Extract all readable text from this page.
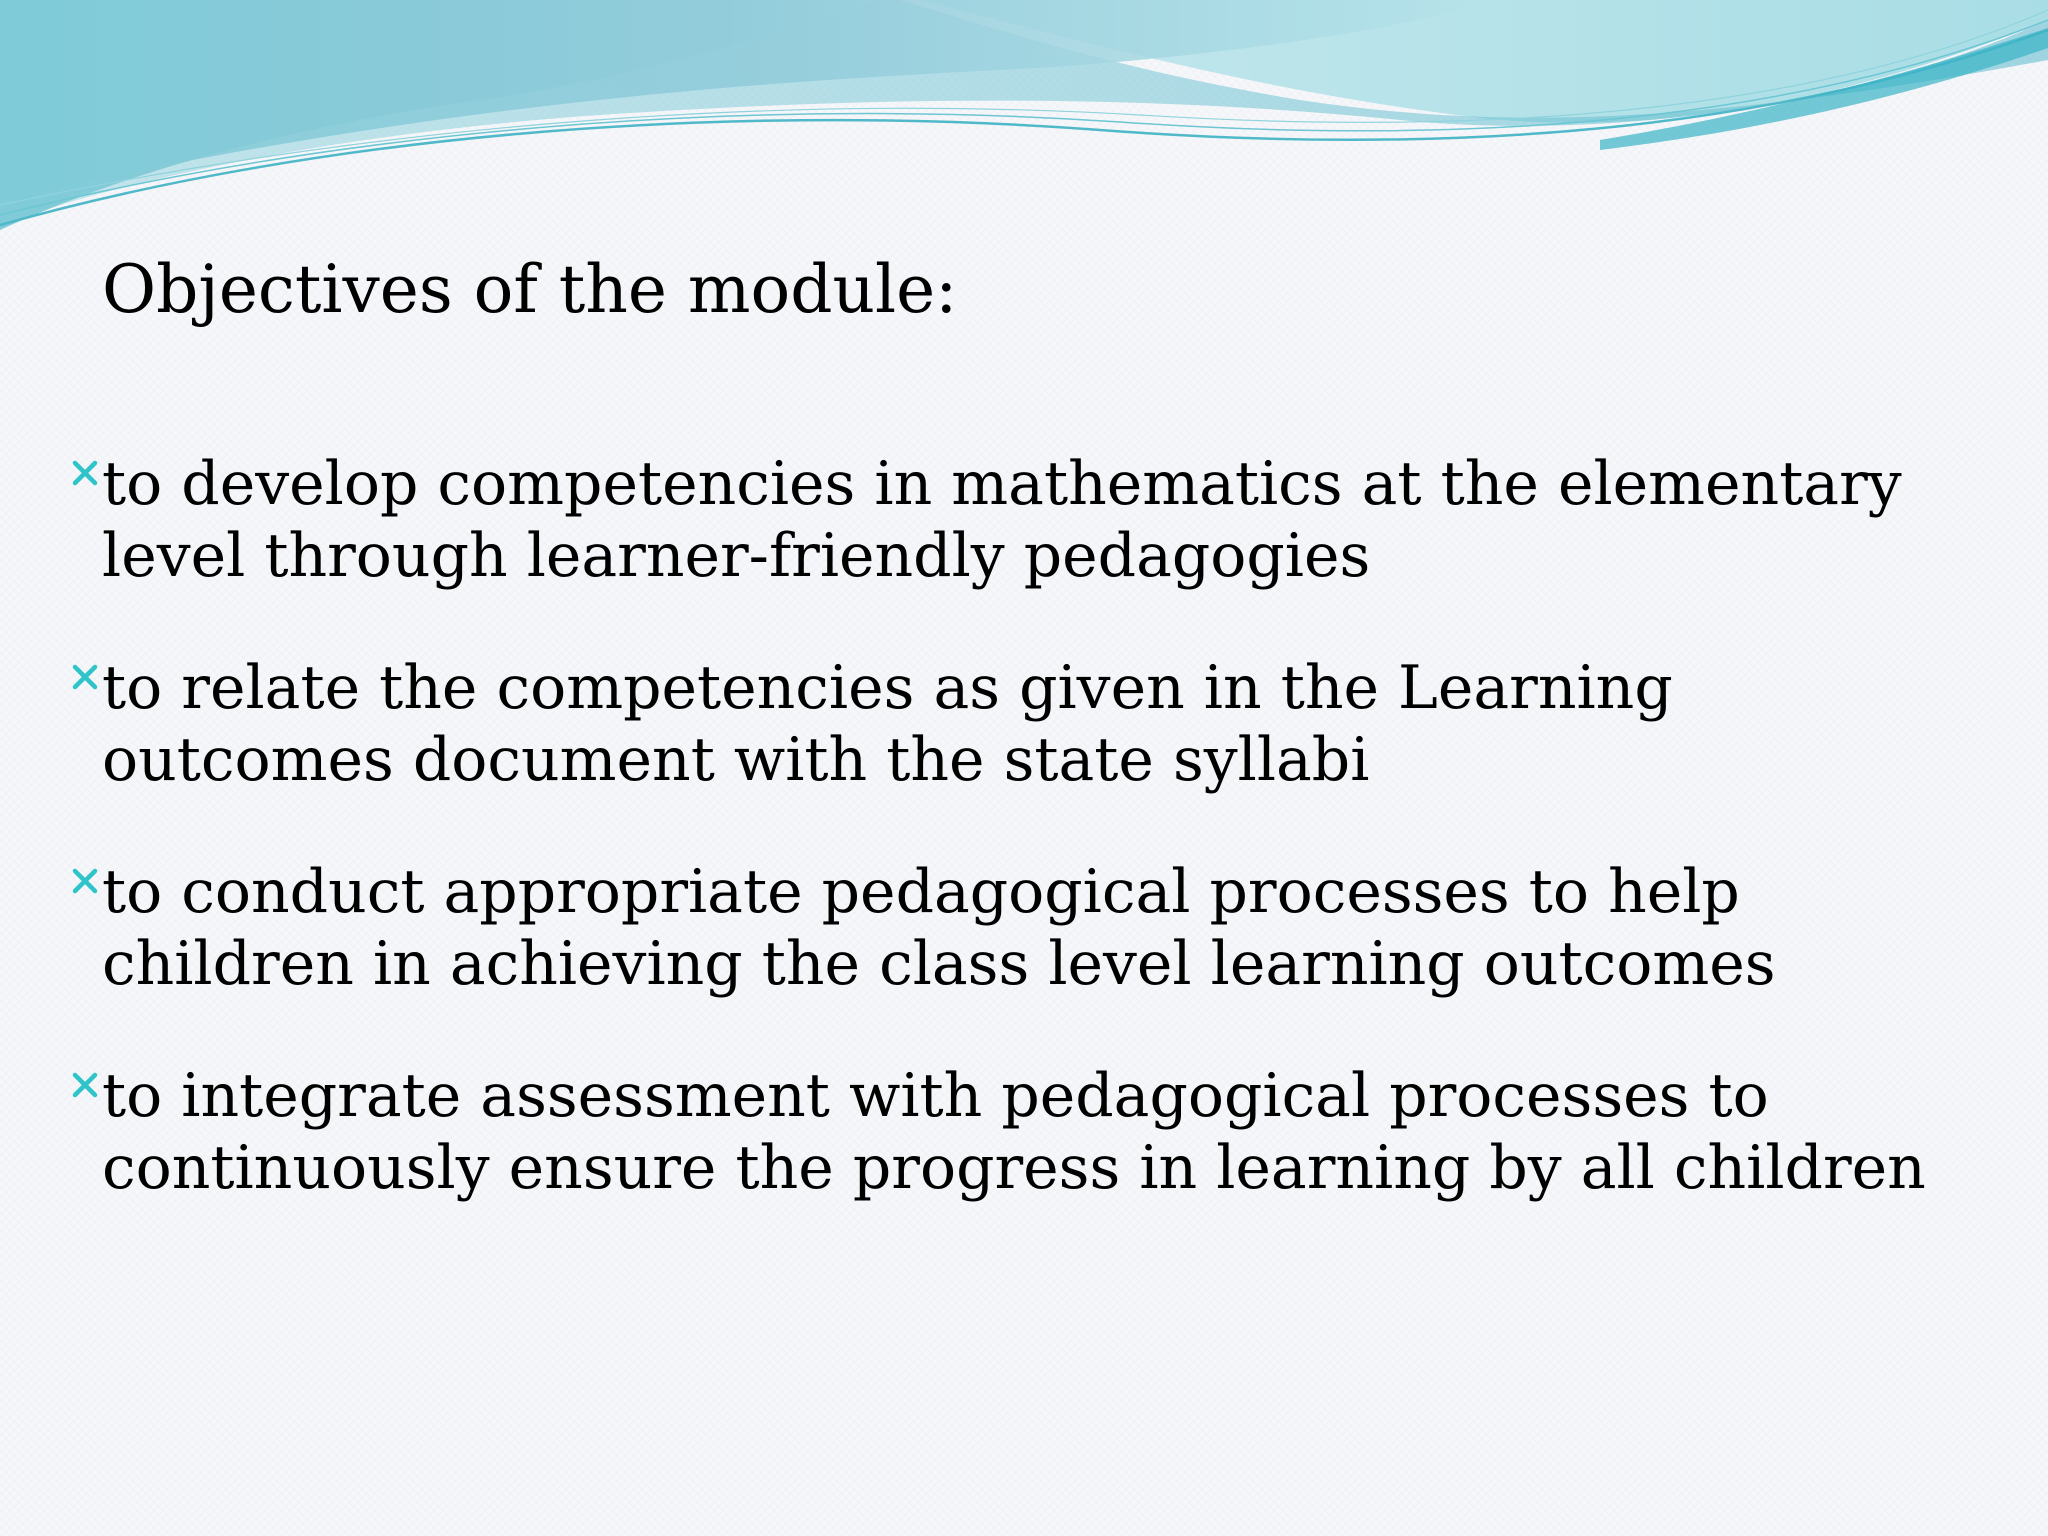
Objectives of the module:
to develop competencies in mathematics at the elementary level through learner-friendly pedagogies
to relate the competencies as given in the Learning outcomes document with the state syllabi
to conduct appropriate pedagogical processes to help children in achieving the class level learning outcomes
to integrate assessment with pedagogical processes to continuously ensure the progress in learning by all children
